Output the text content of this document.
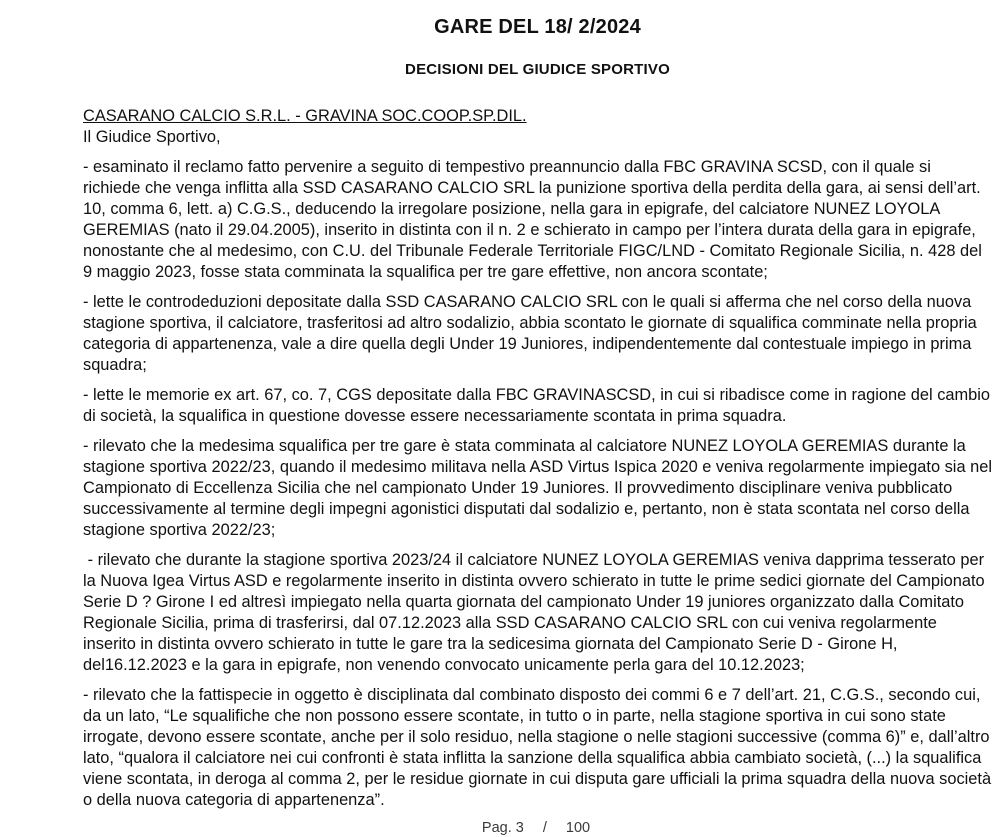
GARE DEL 18/ 2/2024
DECISIONI DEL GIUDICE SPORTIVO

CASARANO CALCIO S.R.L. - GRAVINA SOC.COOP.SP.DIL.

Il Giudice Sportivo,

- esaminato il reclamo fatto pervenire a seguito di tempestivo preannuncio dalla FBC GRAVINA SCSD, con il quale si richiede che venga inflitta alla SSD CASARANO CALCIO SRL la punizione sportiva della perdita della gara, ai sensi dell’art. 10, comma 6, lett. a) C.G.S., deducendo la irregolare posizione, nella gara in epigrafe, del calciatore NUNEZ LOYOLA GEREMIAS (nato il 29.04.2005), inserito in distinta con il n. 2 e schierato in campo per l’intera durata della gara in epigrafe, nonostante che al medesimo, con C.U. del Tribunale Federale Territoriale FIGC/LND - Comitato Regionale Sicilia, n. 428 del 9 maggio 2023, fosse stata comminata la squalifica per tre gare effettive, non ancora scontate;

- lette le controdeduzioni depositate dalla SSD CASARANO CALCIO SRL con le quali si afferma che nel corso della nuova stagione sportiva, il calciatore, trasferitosi ad altro sodalizio, abbia scontato le giornate di squalifica comminate nella propria categoria di appartenenza, vale a dire quella degli Under 19 Juniores, indipendentemente dal contestuale impiego in prima squadra;

- lette le memorie ex art. 67, co. 7, CGS depositate dalla FBC GRAVINASCSD, in cui si ribadisce come in ragione del cambio di società, la squalifica in questione dovesse essere necessariamente scontata in prima squadra.

- rilevato che la medesima squalifica per tre gare è stata comminata al calciatore NUNEZ LOYOLA GEREMIAS durante la stagione sportiva 2022/23, quando il medesimo militava nella ASD Virtus Ispica 2020 e veniva regolarmente impiegato sia nel Campionato di Eccellenza Sicilia che nel campionato Under 19 Juniores. Il provvedimento disciplinare veniva pubblicato successivamente al termine degli impegni agonistici disputati dal sodalizio e, pertanto, non è stata scontata nel corso della stagione sportiva 2022/23;

- rilevato che durante la stagione sportiva 2023/24 il calciatore NUNEZ LOYOLA GEREMIAS veniva dapprima tesserato per la Nuova Igea Virtus ASD e regolarmente inserito in distinta ovvero schierato in tutte le prime sedici giornate del Campionato Serie D ? Girone I ed altresì impiegato nella quarta giornata del campionato Under 19 juniores organizzato dalla Comitato Regionale Sicilia, prima di trasferirsi, dal 07.12.2023 alla SSD CASARANO CALCIO SRL con cui veniva regolarmente inserito in distinta ovvero schierato in tutte le gare tra la sedicesima giornata del Campionato Serie D - Girone H, del16.12.2023 e la gara in epigrafe, non venendo convocato unicamente perla gara del 10.12.2023;

- rilevato che la fattispecie in oggetto è disciplinata dal combinato disposto dei commi 6 e 7 dell’art. 21, C.G.S., secondo cui, da un lato, “Le squalifiche che non possono essere scontate, in tutto o in parte, nella stagione sportiva in cui sono state irrogate, devono essere scontate, anche per il solo residuo, nella stagione o nelle stagioni successive (comma 6)” e, dall’altro lato, “qualora il calciatore nei cui confronti è stata inflitta la sanzione della squalifica abbia cambiato società, (...) la squalifica viene scontata, in deroga al comma 2, per le residue giornate in cui disputa gare ufficiali la prima squadra della nuova società o della nuova categoria di appartenenza”.

Pag. 3 / 100
